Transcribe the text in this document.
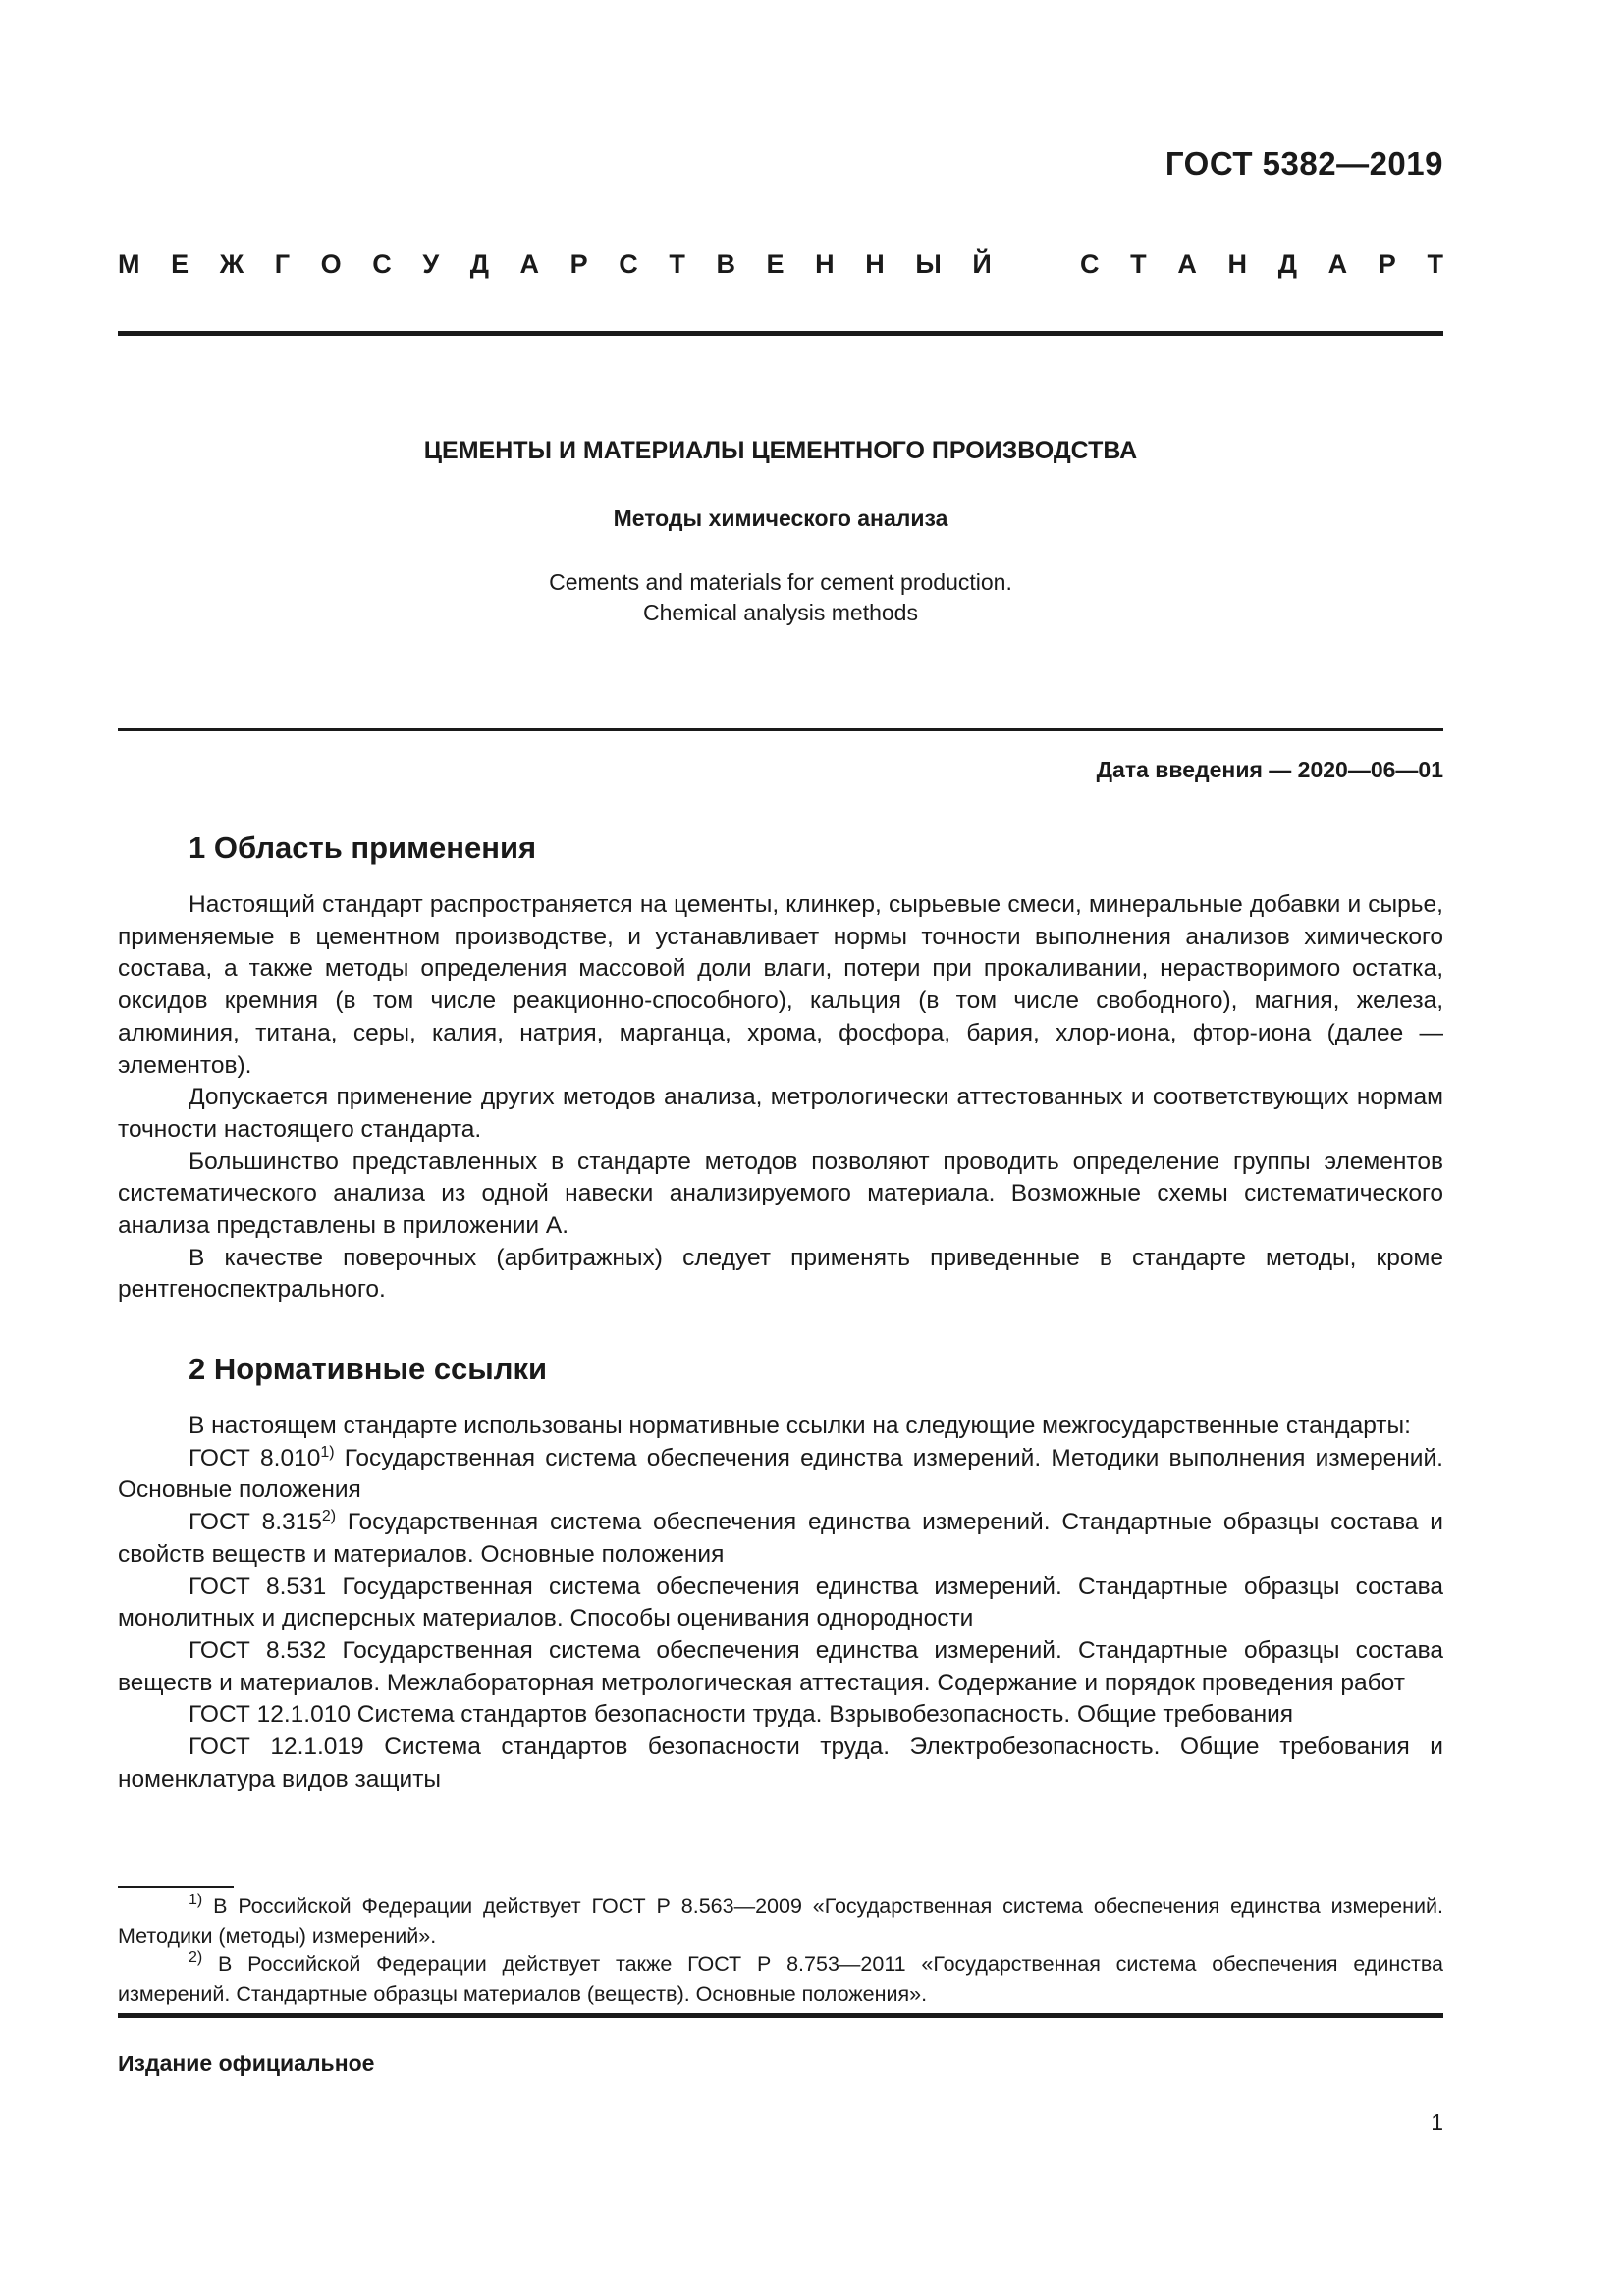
ГОСТ 5382—2019
М Е Ж Г О С У Д А Р С Т В Е Н Н Ы Й	С Т А Н Д А Р Т
ЦЕМЕНТЫ И МАТЕРИАЛЫ ЦЕМЕНТНОГО ПРОИЗВОДСТВА
Методы химического анализа
Cements and materials for cement production.
Chemical analysis methods
Дата введения — 2020—06—01
1 Область применения

Настоящий стандарт распространяется на цементы, клинкер, сырьевые смеси, минеральные добавки и сырье, применяемые в цементном производстве, и устанавливает нормы точности выполнения анализов химического состава, а также методы определения массовой доли влаги, потери при прокаливании, нерастворимого остатка, оксидов кремния (в том числе реакционно-способного), кальция (в том числе свободного), магния, железа, алюминия, титана, серы, калия, натрия, марганца, хрома, фосфора, бария, хлор-иона, фтор-иона (далее — элементов).

Допускается применение других методов анализа, метрологически аттестованных и соответствующих нормам точности настоящего стандарта.

Большинство представленных в стандарте методов позволяют проводить определение группы элементов систематического анализа из одной навески анализируемого материала. Возможные схемы систематического анализа представлены в приложении А.

В качестве поверочных (арбитражных) следует применять приведенные в стандарте методы, кроме рентгеноспектрального.

2 Нормативные ссылки

В настоящем стандарте использованы нормативные ссылки на следующие межгосударственные стандарты:

ГОСТ 8.010$^{1)}$ Государственная система обеспечения единства измерений. Методики выполнения измерений. Основные положения

ГОСТ 8.315$^{2)}$ Государственная система обеспечения единства измерений. Стандартные образцы состава и свойств веществ и материалов. Основные положения

ГОСТ 8.531 Государственная система обеспечения единства измерений. Стандартные образцы состава монолитных и дисперсных материалов. Способы оценивания однородности

ГОСТ 8.532 Государственная система обеспечения единства измерений. Стандартные образцы состава веществ и материалов. Межлабораторная метрологическая аттестация. Содержание и порядок проведения работ

ГОСТ 12.1.010 Система стандартов безопасности труда. Взрывобезопасность. Общие требования

ГОСТ 12.1.019 Система стандартов безопасности труда. Электробезопасность. Общие требования и номенклатура видов защиты

$^{1)}$ В Российской Федерации действует ГОСТ Р 8.563—2009 «Государственная система обеспечения единства измерений. Методики (методы) измерений».

$^{2)}$ В Российской Федерации действует также ГОСТ Р 8.753—2011 «Государственная система обеспечения единства измерений. Стандартные образцы материалов (веществ). Основные положения».

Издание официальное
1
